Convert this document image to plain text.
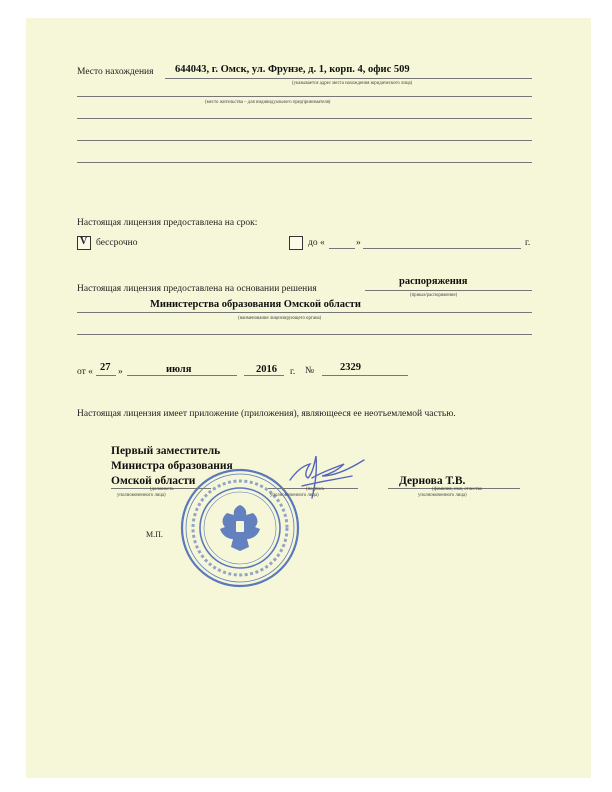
Место нахождения 644043, г. Омск, ул. Фрунзе, д. 1, корп. 4, офис 509
(указывается адрес места нахождения юридического лица)
(место жительства – для индивидуального предпринимателя)
Настоящая лицензия предоставлена на срок:
V бессрочно	до «	»	г.
Настоящая лицензия предоставлена на основании решения
распоряжения
(приказ/распоряжение)
Министерства образования Омской области
(наименование лицензирующего органа)
от « 27 »	июля	2016 г. № 2329
Настоящая лицензия имеет приложение (приложения), являющееся ее неотъемлемой частью.
Первый заместитель
Министра образования
Омской области
(должность
уполномоченного лица)
(подпись
уполномоченного лица)
Дернова Т.В.
(фамилия, имя, отчество
уполномоченного лица)
М.П.
